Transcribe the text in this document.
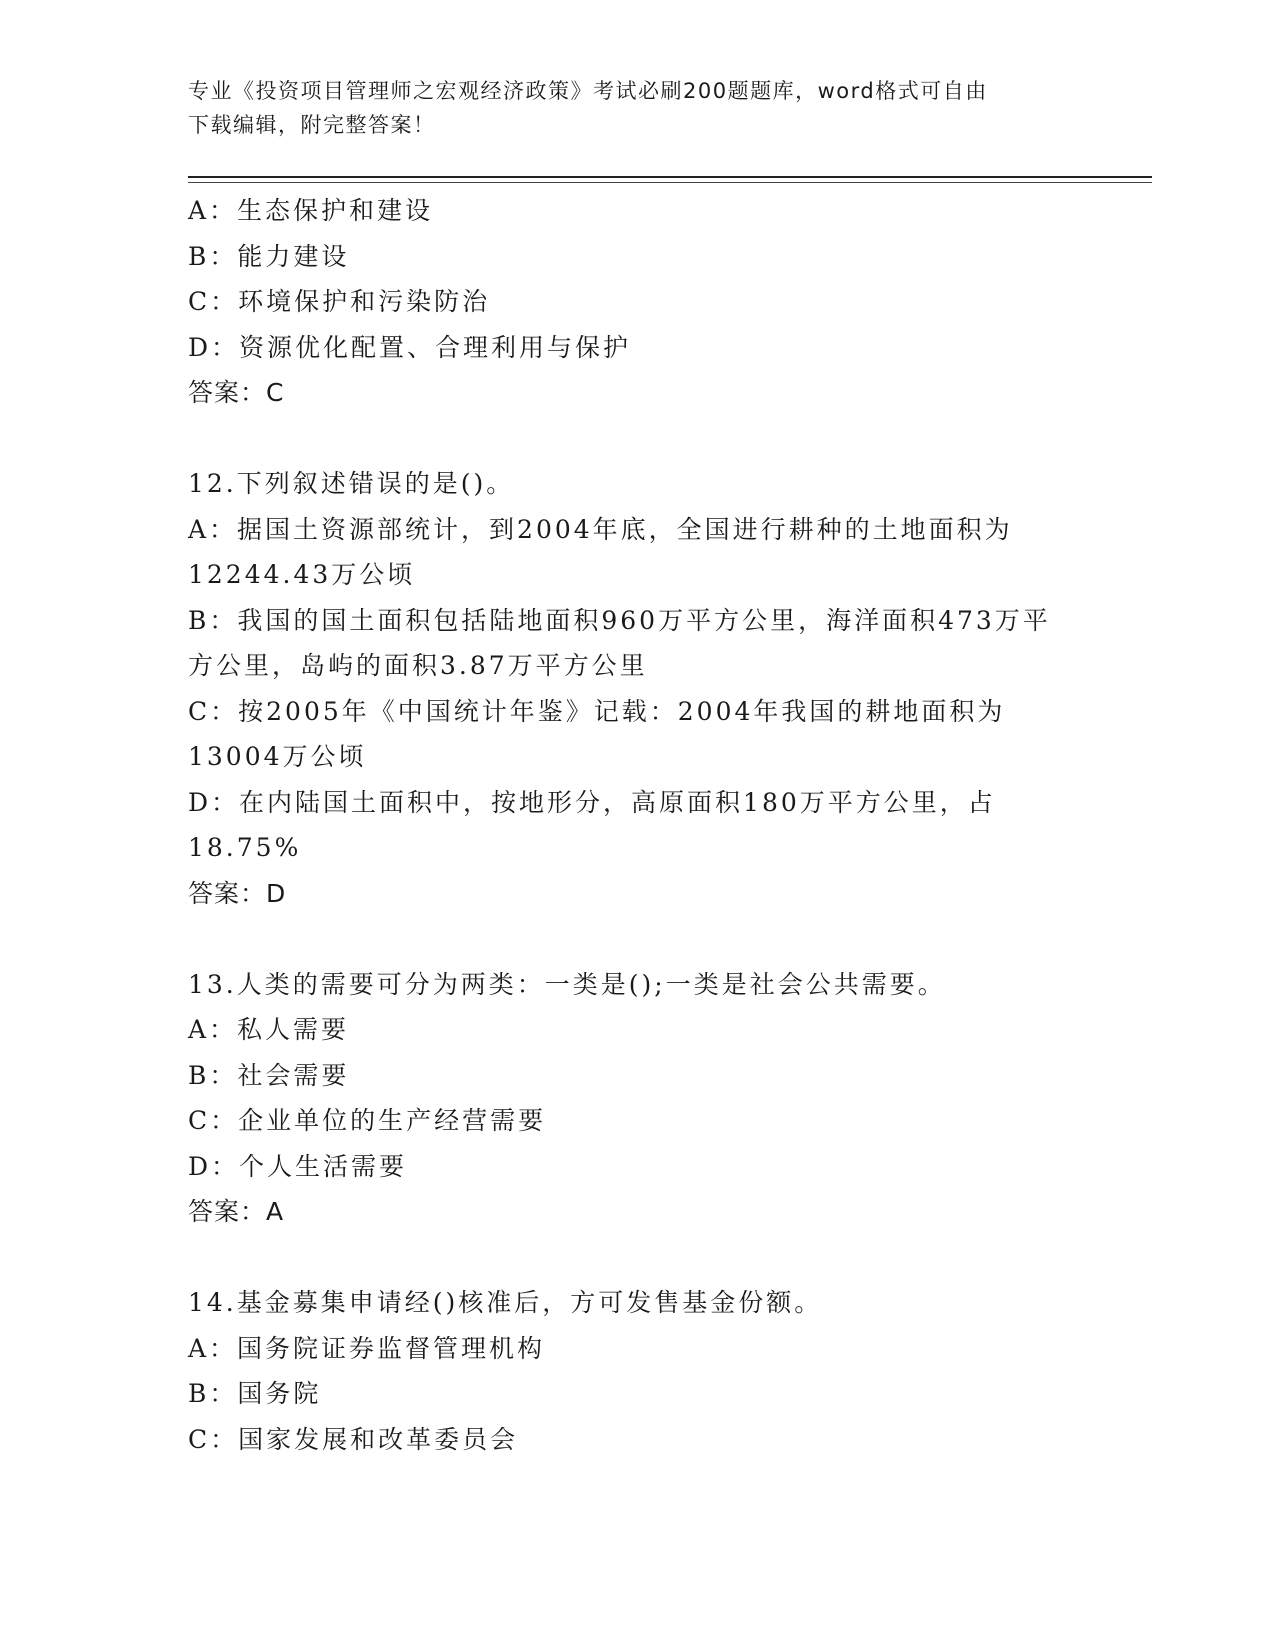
专业《投资项目管理师之宏观经济政策》考试必刷200题题库，word格式可自由
下载编辑，附完整答案！
A：生态保护和建设
B：能力建设
C：环境保护和污染防治
D：资源优化配置、合理利用与保护
答案：C
12.下列叙述错误的是()。
A：据国土资源部统计，到2004年底，全国进行耕种的土地面积为
12244.43万公顷
B：我国的国土面积包括陆地面积960万平方公里，海洋面积473万平
方公里，岛屿的面积3.87万平方公里
C：按2005年《中国统计年鉴》记载：2004年我国的耕地面积为
13004万公顷
D：在内陆国土面积中，按地形分，高原面积180万平方公里，占
18.75%
答案：D
13.人类的需要可分为两类：一类是();一类是社会公共需要。
A：私人需要
B：社会需要
C：企业单位的生产经营需要
D：个人生活需要
答案：A
14.基金募集申请经()核准后，方可发售基金份额。
A：国务院证券监督管理机构
B：国务院
C：国家发展和改革委员会
